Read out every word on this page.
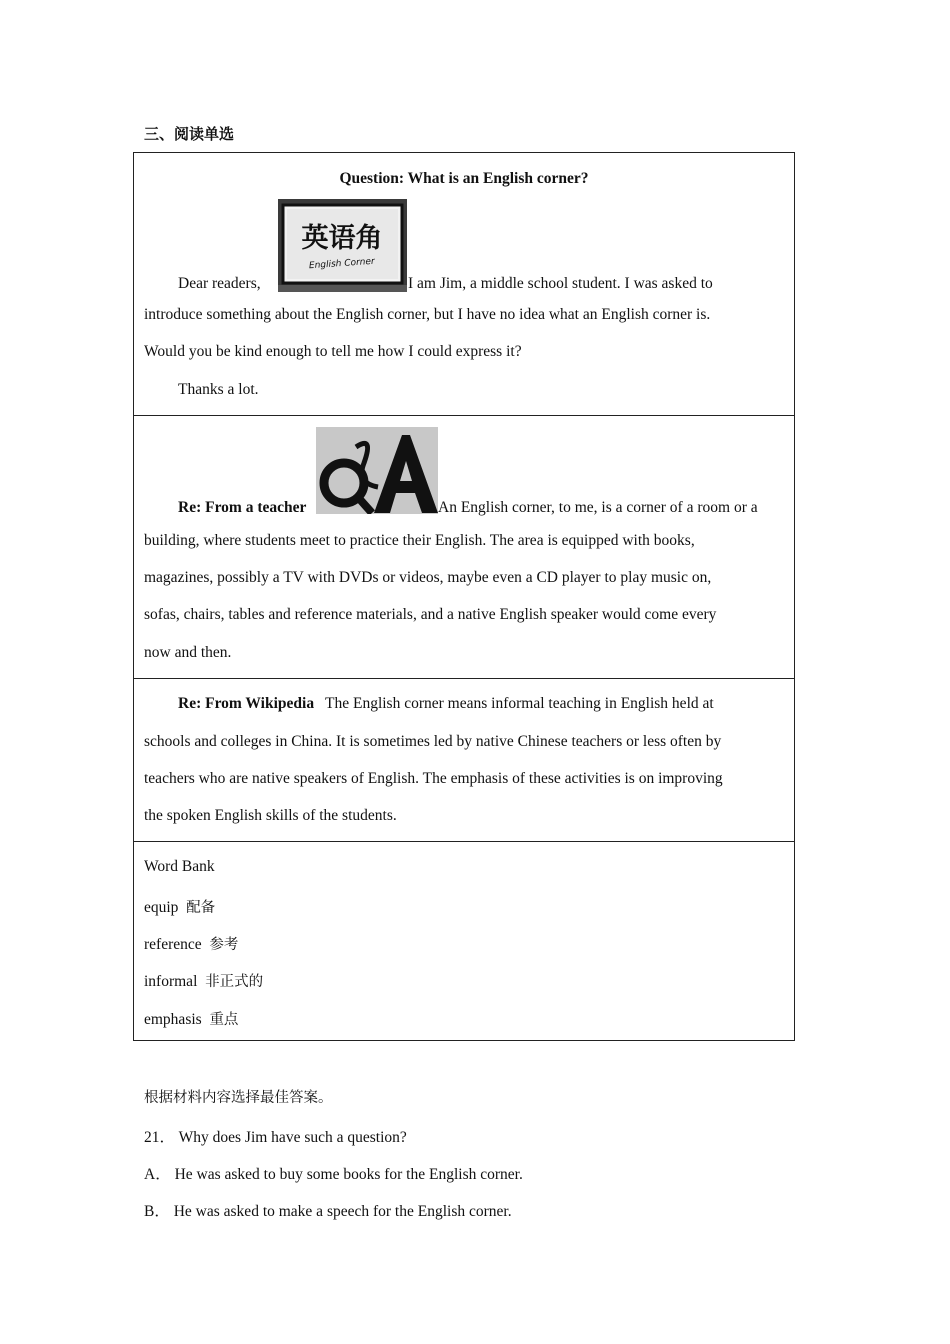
三、阅读单选
Question: What is an English corner?
英语角
English Corner
Dear readers,	I am Jim, a middle school student. I was asked to
introduce something about the English corner, but I have no idea what an English corner is.
Would you be kind enough to tell me how I could express it?
Thanks a lot.
Re: From a teacher	An English corner, to me, is a corner of a room or a
building, where students meet to practice their English. The area is equipped with books,
magazines, possibly a TV with DVDs or videos, maybe even a CD player to play music on,
sofas, chairs, tables and reference materials, and a native English speaker would come every
now and then.
Re: From Wikipedia The English corner means informal teaching in English held at
schools and colleges in China. It is sometimes led by native Chinese teachers or less often by
teachers who are native speakers of English. The emphasis of these activities is on improving
the spoken English skills of the students.
Word Bank
equip 配备
reference 参考
informal 非正式的
emphasis 重点
根据材料内容选择最佳答案。
21． Why does Jim have such a question?
A． He was asked to buy some books for the English corner.
B． He was asked to make a speech for the English corner.
